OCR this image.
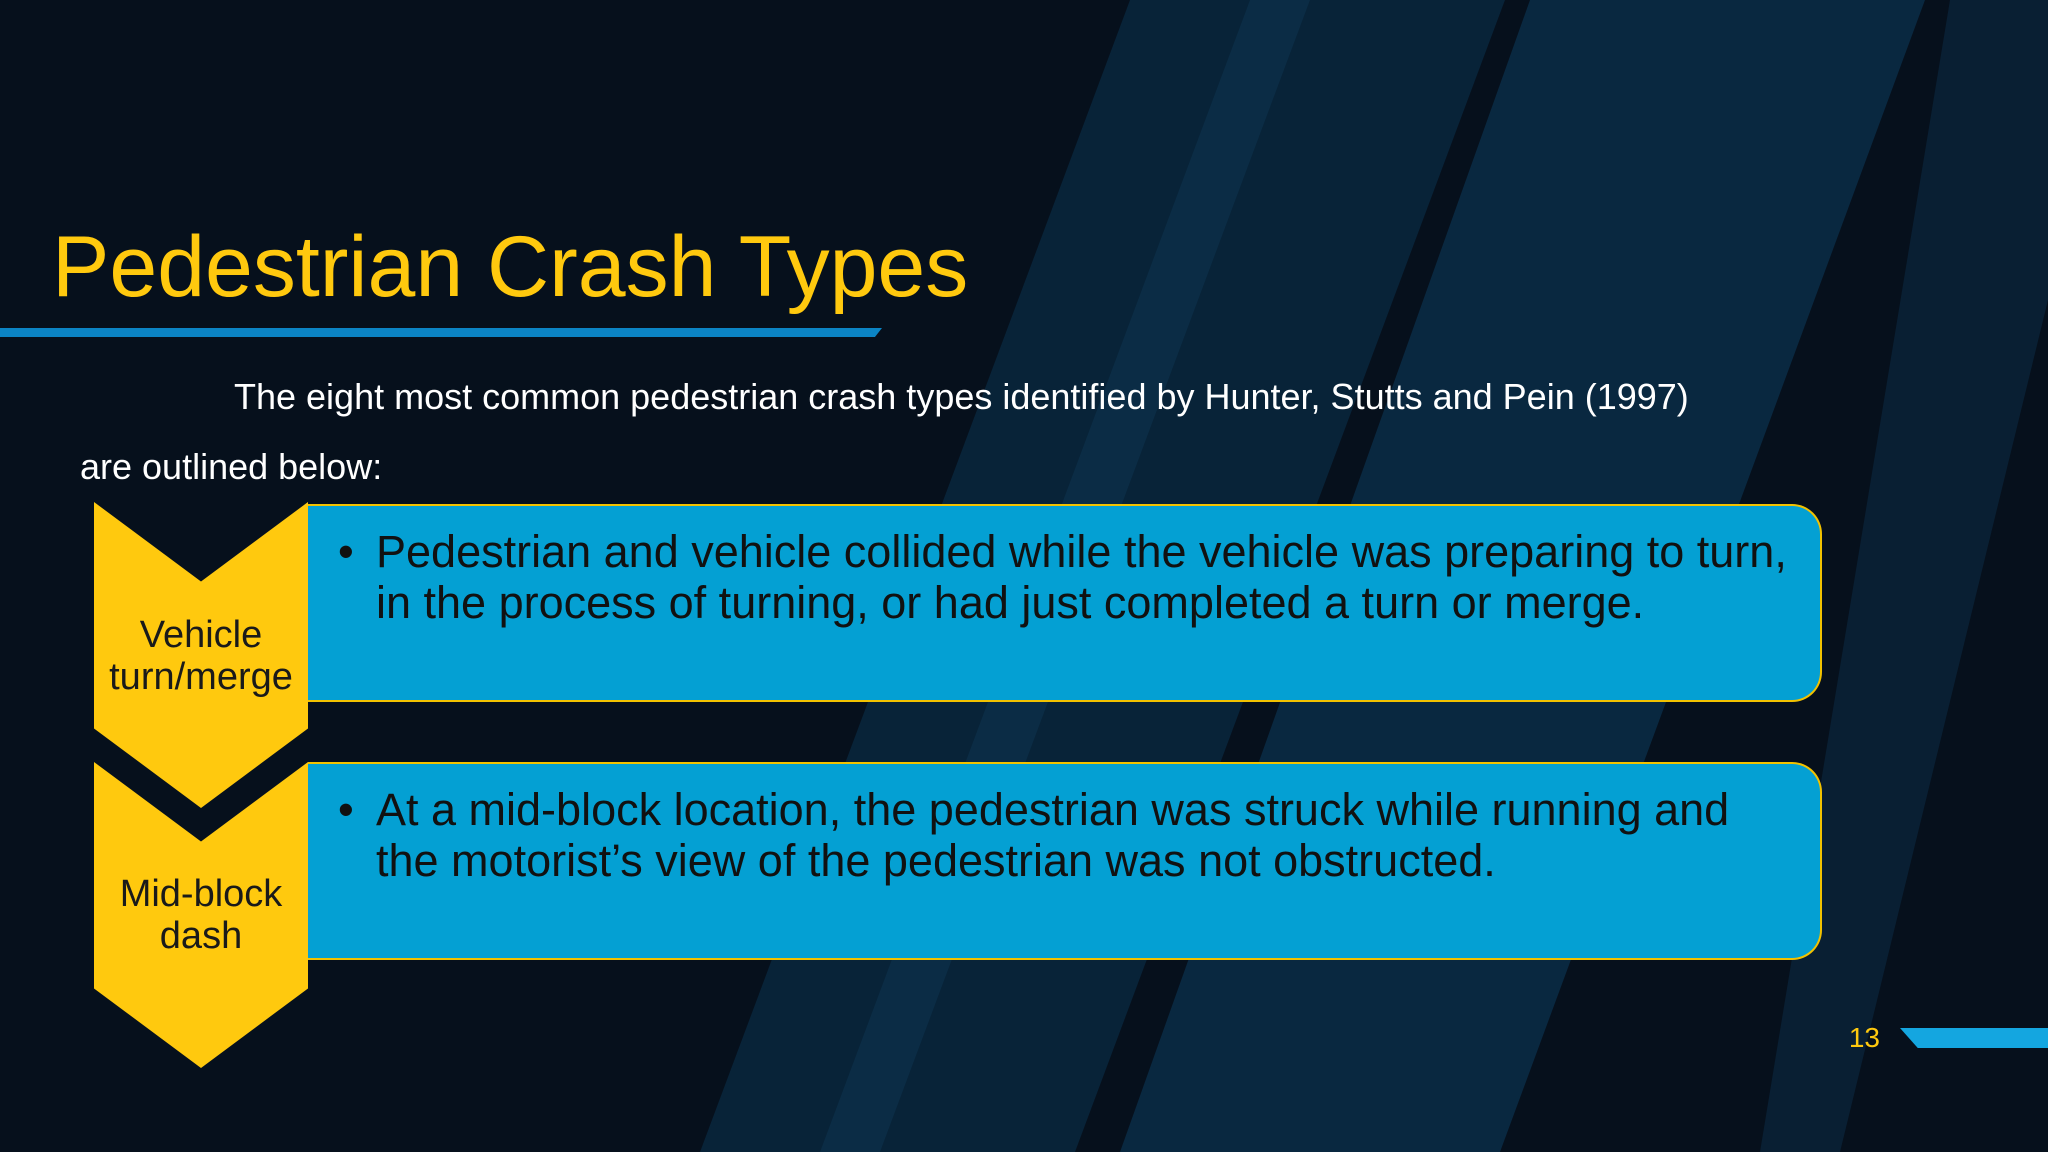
Pedestrian Crash Types

The eight most common pedestrian crash types identified by Hunter, Stutts and Pein (1997) are outlined below:

Vehicle turn/merge

• Pedestrian and vehicle collided while the vehicle was preparing to turn, in the process of turning, or had just completed a turn or merge.

Mid-block dash

• At a mid-block location, the pedestrian was struck while running and the motorist’s view of the pedestrian was not obstructed.

13
